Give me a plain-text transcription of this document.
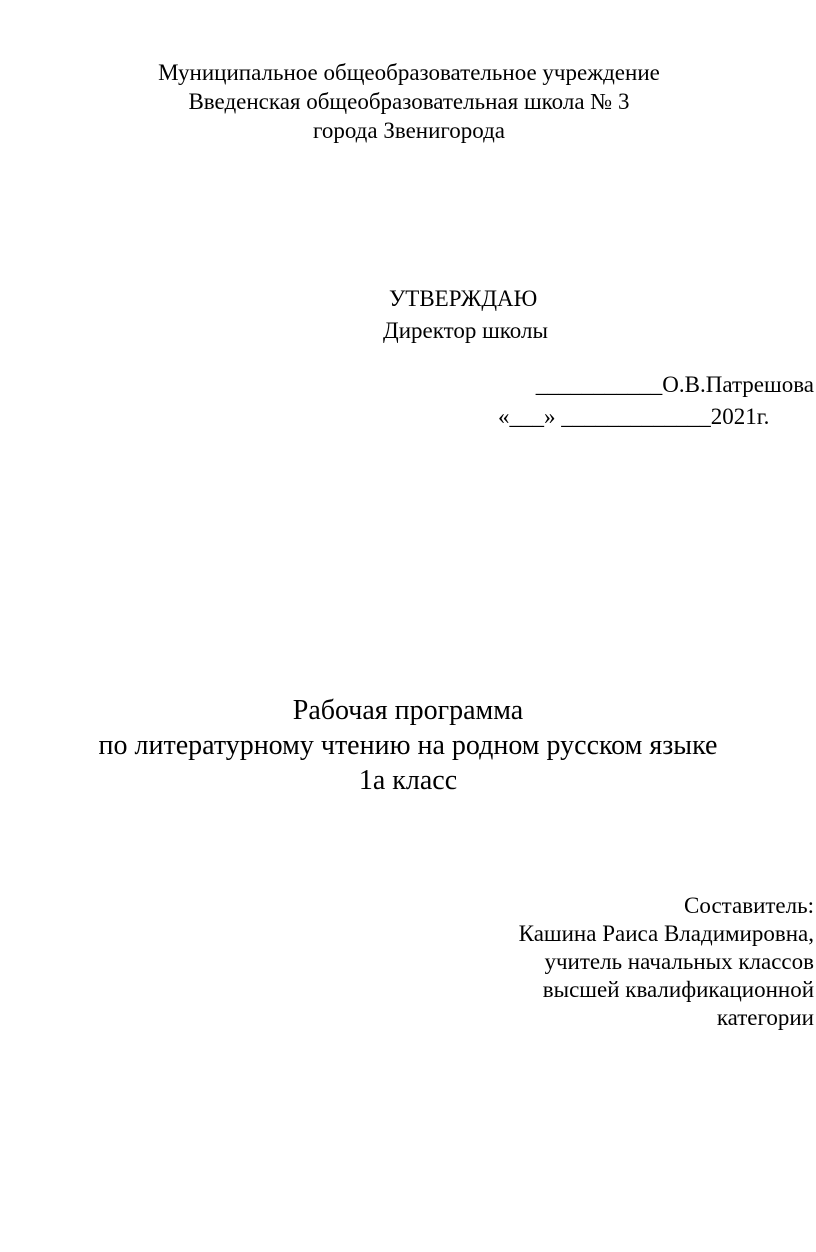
Муниципальное общеобразовательное учреждение
Введенская общеобразовательная школа № 3
города Звенигорода
УТВЕРЖДАЮ
Директор школы
___________О.В.Патрешова
«___» _____________2021г.
Рабочая программа
по литературному чтению на родном русском языке
1а класс
Составитель:
Кашина Раиса Владимировна,
учитель начальных классов
высшей квалификационной
категории
